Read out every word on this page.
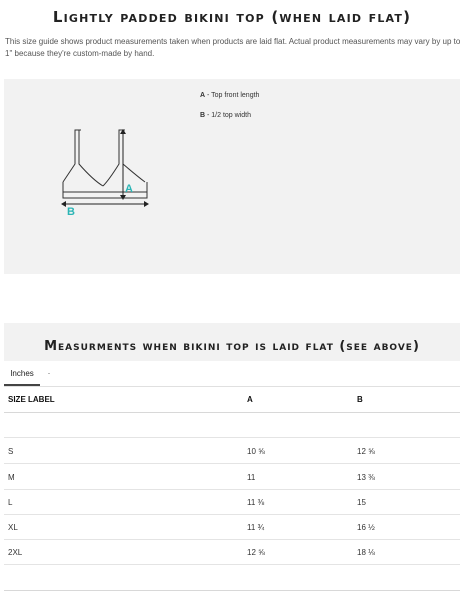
Lightly padded bikini top (when laid flat)
This size guide shows product measurements taken when products are laid flat. Actual product measurements may vary by up to 1" because they're custom-made by hand.
A
B
A - Top front length
B - 1/2 top width
Measurments when bikini top is laid flat (see above)
Inches
SIZE LABEL	A	B
S	10 ⅝	12 ⅝
M	11	13 ⅜
L	11 ⅜	15
XL	11 ¾	16 ½
2XL	12 ⅝	18 ⅛
